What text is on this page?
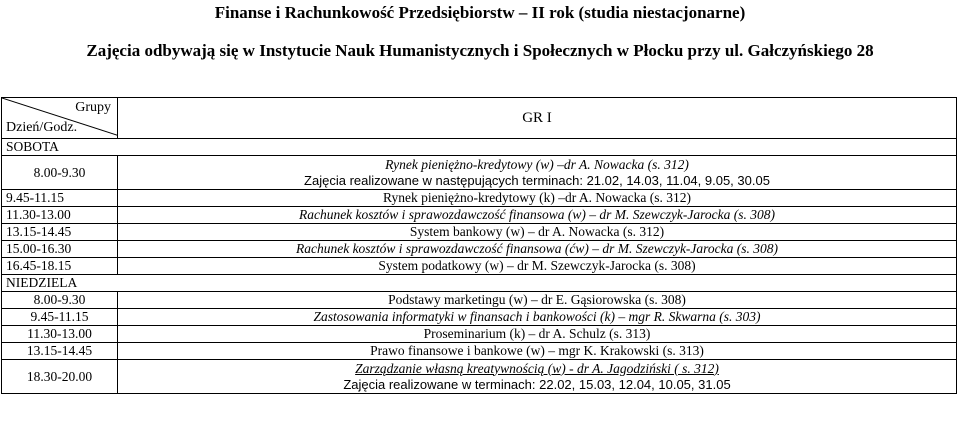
Finanse i Rachunkowość Przedsiębiorstw – II rok (studia niestacjonarne)
Zajęcia odbywają się w Instytucie Nauk Humanistycznych i Społecznych w Płocku przy ul. Gałczyńskiego 28
Grupy
Dzień/Godz.	GR I
SOBOTA	
8.00-9.30	Rynek pieniężno-kredytowy (w) –dr A. Nowacka (s. 312)
Zajęcia realizowane w następujących terminach: 21.02, 14.03, 11.04, 9.05, 30.05

9.45-11.15	Rynek pieniężno-kredytowy (k) –dr A. Nowacka (s. 312)
11.30-13.00	Rachunek kosztów i sprawozdawczość finansowa (w) – dr M. Szewczyk-Jarocka (s. 308)
13.15-14.45	System bankowy (w) – dr A. Nowacka (s. 312)
15.00-16.30	Rachunek kosztów i sprawozdawczość finansowa (ćw) – dr M. Szewczyk-Jarocka (s. 308)
16.45-18.15	System podatkowy (w) – dr M. Szewczyk-Jarocka (s. 308)
NIEDZIELA	
8.00-9.30	Podstawy marketingu (w) – dr E. Gąsiorowska (s. 308)
9.45-11.15	Zastosowania informatyki w finansach i bankowości (k) – mgr R. Skwarna (s. 303)
11.30-13.00	Proseminarium (k) – dr A. Schulz (s. 313)
13.15-14.45	Prawo finansowe i bankowe (w) – mgr K. Krakowski (s. 313)
18.30-20.00	Zarządzanie własną kreatywnością (w) - dr A. Jagodziński ( s. 312)
Zajęcia realizowane w terminach: 22.02, 15.03, 12.04, 10.05, 31.05
